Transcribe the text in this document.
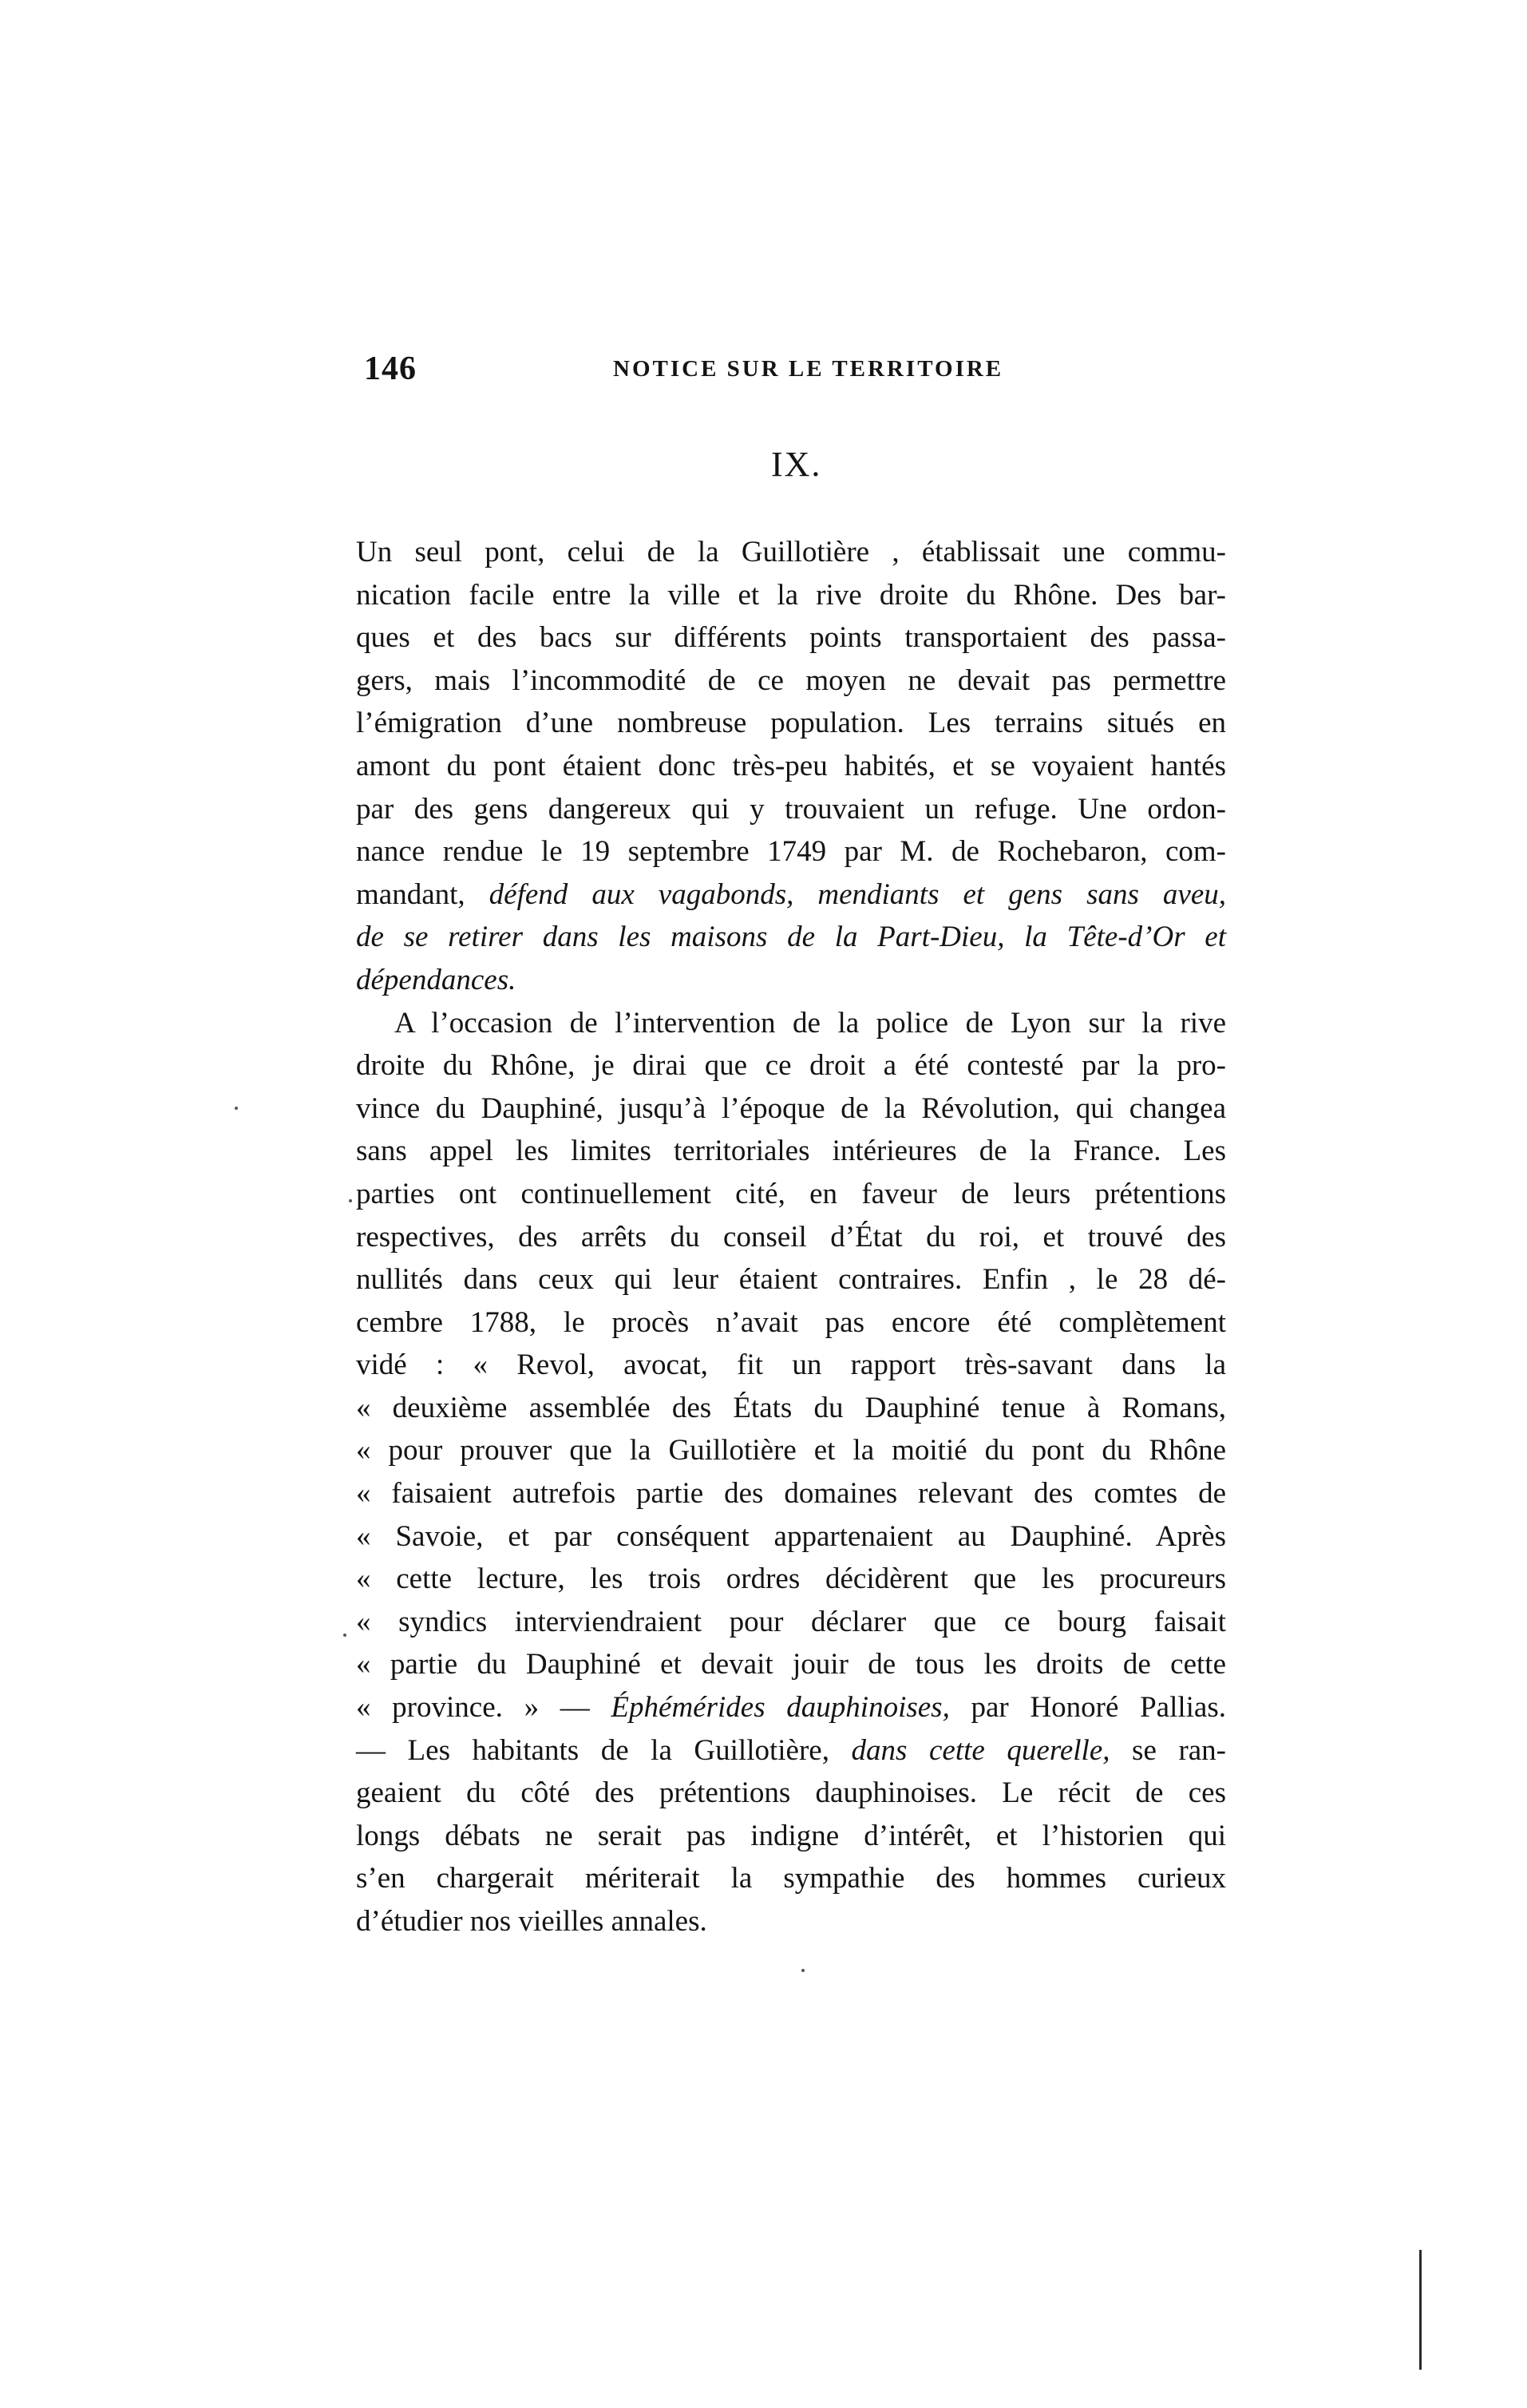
146	NOTICE SUR LE TERRITOIRE
IX.

Un seul pont, celui de la Guillotière , établissait une commu-

nication facile entre la ville et la rive droite du Rhône. Des bar-

ques et des bacs sur différents points transportaient des passa-

gers, mais l’incommodité de ce moyen ne devait pas permettre

l’émigration d’une nombreuse population. Les terrains situés en

amont du pont étaient donc très-peu habités, et se voyaient hantés

par des gens dangereux qui y trouvaient un refuge. Une ordon-

nance rendue le 19 septembre 1749 par M. de Rochebaron, com-

mandant, défend aux vagabonds, mendiants et gens sans aveu,

de se retirer dans les maisons de la Part-Dieu, la Tête-d’Or et

dépendances.

A l’occasion de l’intervention de la police de Lyon sur la rive

droite du Rhône, je dirai que ce droit a été contesté par la pro-

vince du Dauphiné, jusqu’à l’époque de la Révolution, qui changea

sans appel les limites territoriales intérieures de la France. Les

parties ont continuellement cité, en faveur de leurs prétentions

respectives, des arrêts du conseil d’État du roi, et trouvé des

nullités dans ceux qui leur étaient contraires. Enfin , le 28 dé-

cembre 1788, le procès n’avait pas encore été complètement

vidé : « Revol, avocat, fit un rapport très-savant dans la

« deuxième assemblée des États du Dauphiné tenue à Romans,

« pour prouver que la Guillotière et la moitié du pont du Rhône

« faisaient autrefois partie des domaines relevant des comtes de

« Savoie, et par conséquent appartenaient au Dauphiné. Après

« cette lecture, les trois ordres décidèrent que les procureurs

« syndics interviendraient pour déclarer que ce bourg faisait

« partie du Dauphiné et devait jouir de tous les droits de cette

« province. » — Éphémérides dauphinoises, par Honoré Pallias.

— Les habitants de la Guillotière, dans cette querelle, se ran-

geaient du côté des prétentions dauphinoises. Le récit de ces

longs débats ne serait pas indigne d’intérêt, et l’historien qui

s’en chargerait mériterait la sympathie des hommes curieux

d’étudier nos vieilles annales.
